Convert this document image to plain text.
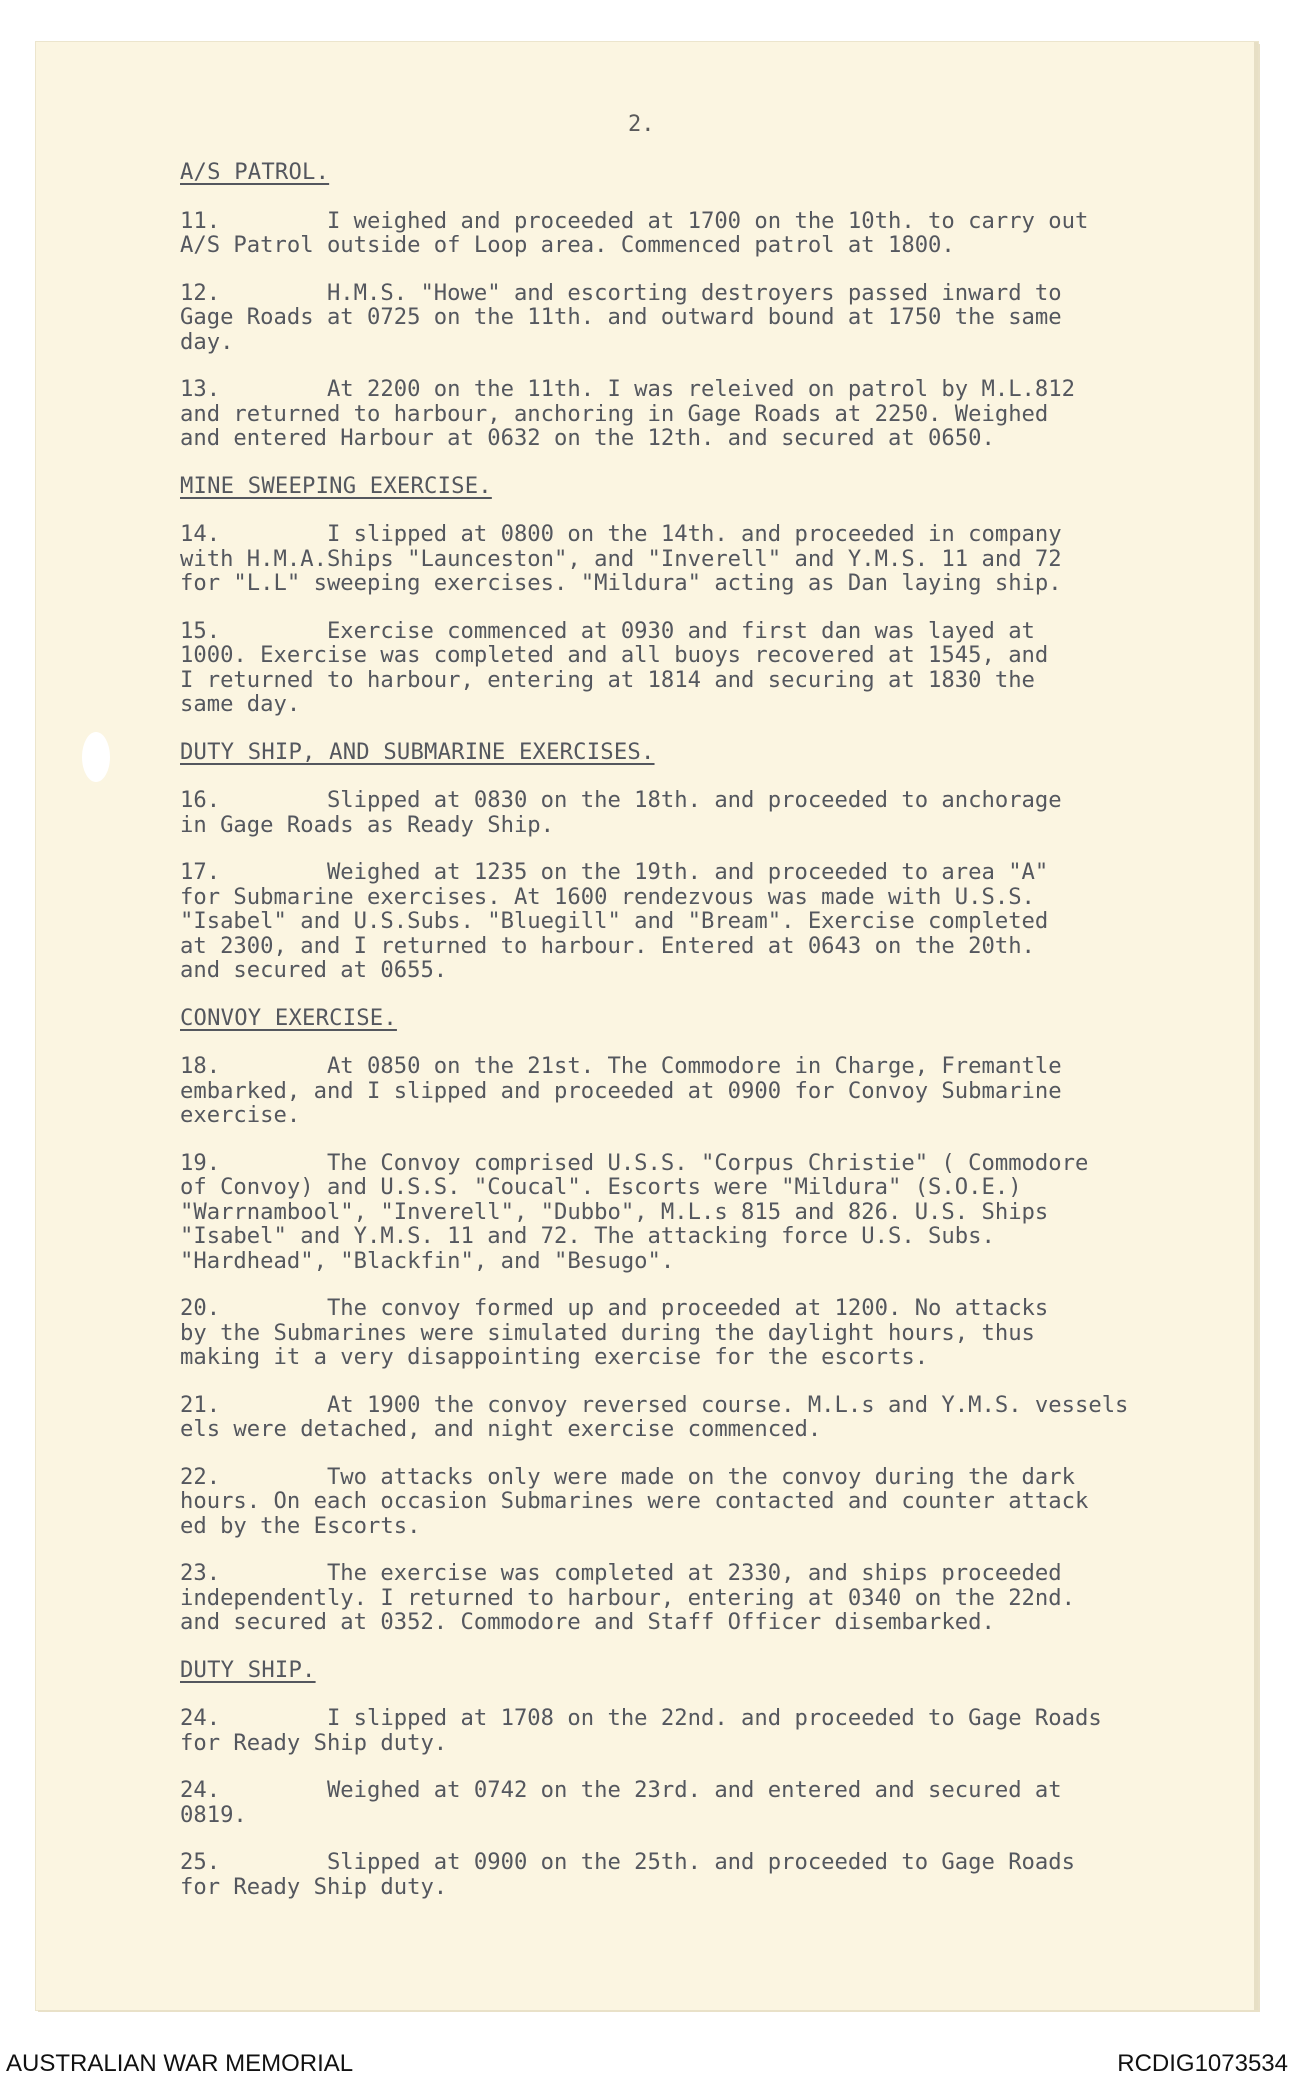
2.
A/S PATROL.
11.        I weighed and proceeded at 1700 on the 10th. to carry out
A/S Patrol outside of Loop area. Commenced patrol at 1800.
12.        H.M.S. "Howe" and escorting destroyers passed inward to
Gage Roads at 0725 on the 11th. and outward bound at 1750 the same
day.
13.        At 2200 on the 11th. I was releived on patrol by M.L.812
and returned to harbour, anchoring in Gage Roads at 2250. Weighed
and entered Harbour at 0632 on the 12th. and secured at 0650.
MINE SWEEPING EXERCISE.
14.        I slipped at 0800 on the 14th. and proceeded in company
with H.M.A.Ships "Launceston", and "Inverell" and Y.M.S. 11 and 72
for "L.L" sweeping exercises. "Mildura" acting as Dan laying ship.
15.        Exercise commenced at 0930 and first dan was layed at
1000. Exercise was completed and all buoys recovered at 1545, and
I returned to harbour, entering at 1814 and securing at 1830 the
same day.
DUTY SHIP, AND SUBMARINE EXERCISES.
16.        Slipped at 0830 on the 18th. and proceeded to anchorage
in Gage Roads as Ready Ship.
17.        Weighed at 1235 on the 19th. and proceeded to area "A"
for Submarine exercises. At 1600 rendezvous was made with U.S.S.
"Isabel" and U.S.Subs. "Bluegill" and "Bream". Exercise completed
at 2300, and I returned to harbour. Entered at 0643 on the 20th.
and secured at 0655.
CONVOY EXERCISE.
18.        At 0850 on the 21st. The Commodore in Charge, Fremantle
embarked, and I slipped and proceeded at 0900 for Convoy Submarine
exercise.
19.        The Convoy comprised U.S.S. "Corpus Christie" ( Commodore
of Convoy) and U.S.S. "Coucal". Escorts were "Mildura" (S.O.E.)
"Warrnambool", "Inverell", "Dubbo", M.L.s 815 and 826. U.S. Ships
"Isabel" and Y.M.S. 11 and 72. The attacking force U.S. Subs.
"Hardhead", "Blackfin", and "Besugo".
20.        The convoy formed up and proceeded at 1200. No attacks
by the Submarines were simulated during the daylight hours, thus
making it a very disappointing exercise for the escorts.
21.        At 1900 the convoy reversed course. M.L.s and Y.M.S. vessels
els were detached, and night exercise commenced.
22.        Two attacks only were made on the convoy during the dark
hours. On each occasion Submarines were contacted and counter attack
ed by the Escorts.
23.        The exercise was completed at 2330, and ships proceeded
independently. I returned to harbour, entering at 0340 on the 22nd.
and secured at 0352. Commodore and Staff Officer disembarked.
DUTY SHIP.
24.        I slipped at 1708 on the 22nd. and proceeded to Gage Roads
for Ready Ship duty.
24.        Weighed at 0742 on the 23rd. and entered and secured at
0819.
25.        Slipped at 0900 on the 25th. and proceeded to Gage Roads
for Ready Ship duty.
AUSTRALIAN WAR MEMORIAL	RCDIG1073534
